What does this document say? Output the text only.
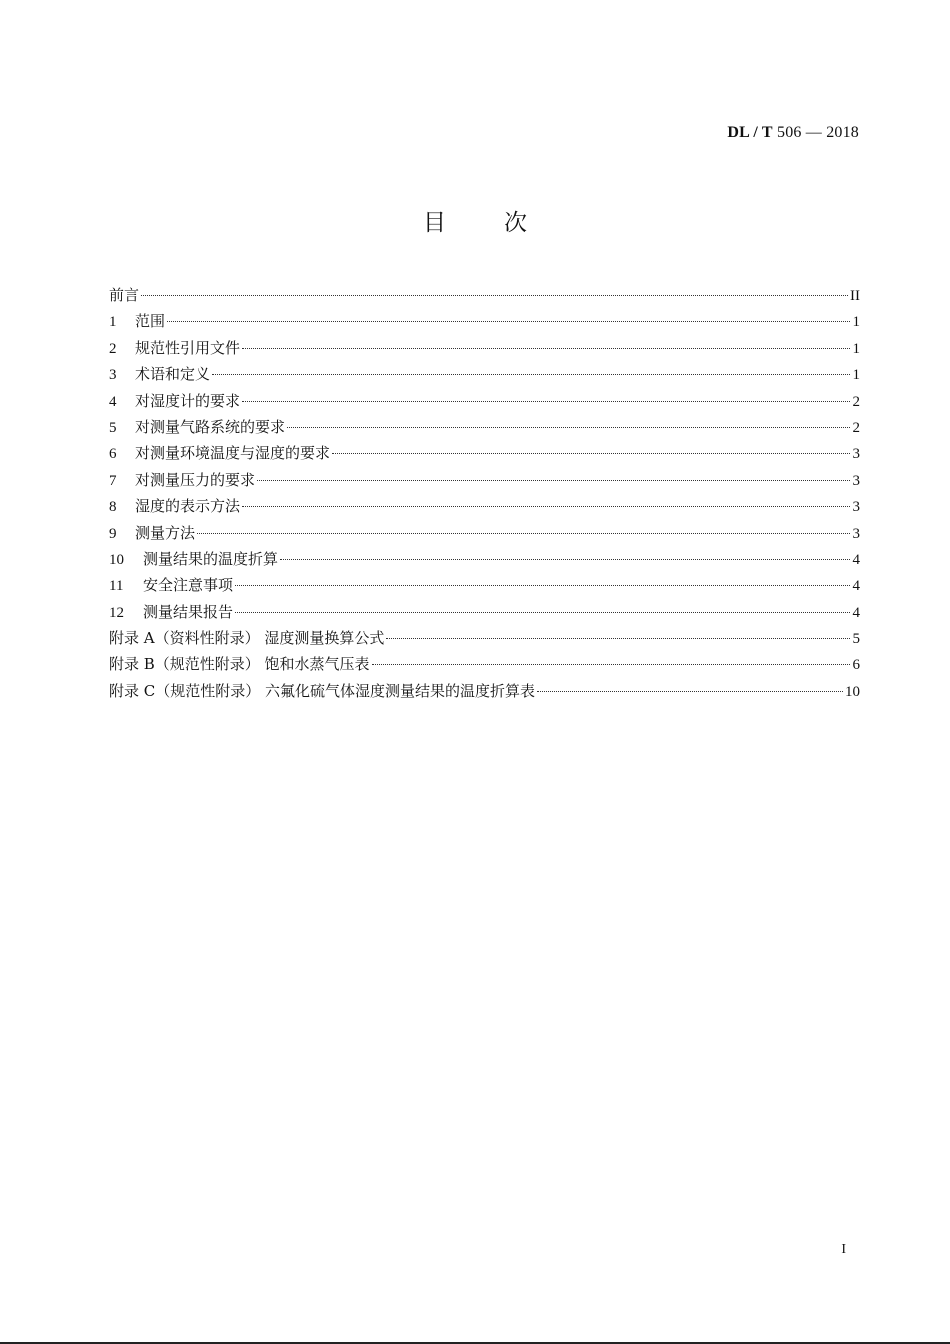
DL / T 506 — 2018
目次
前言	II
1	范围	1
2	规范性引用文件	1
3	术语和定义	1
4	对湿度计的要求	2
5	对测量气路系统的要求	2
6	对测量环境温度与湿度的要求	3
7	对测量压力的要求	3
8	湿度的表示方法	3
9	测量方法	3
10	测量结果的温度折算	4
11	安全注意事项	4
12	测量结果报告	4
附录 A（资料性附录） 湿度测量换算公式	5
附录 B（规范性附录） 饱和水蒸气压表	6
附录 C（规范性附录） 六氟化硫气体湿度测量结果的温度折算表	10
I
